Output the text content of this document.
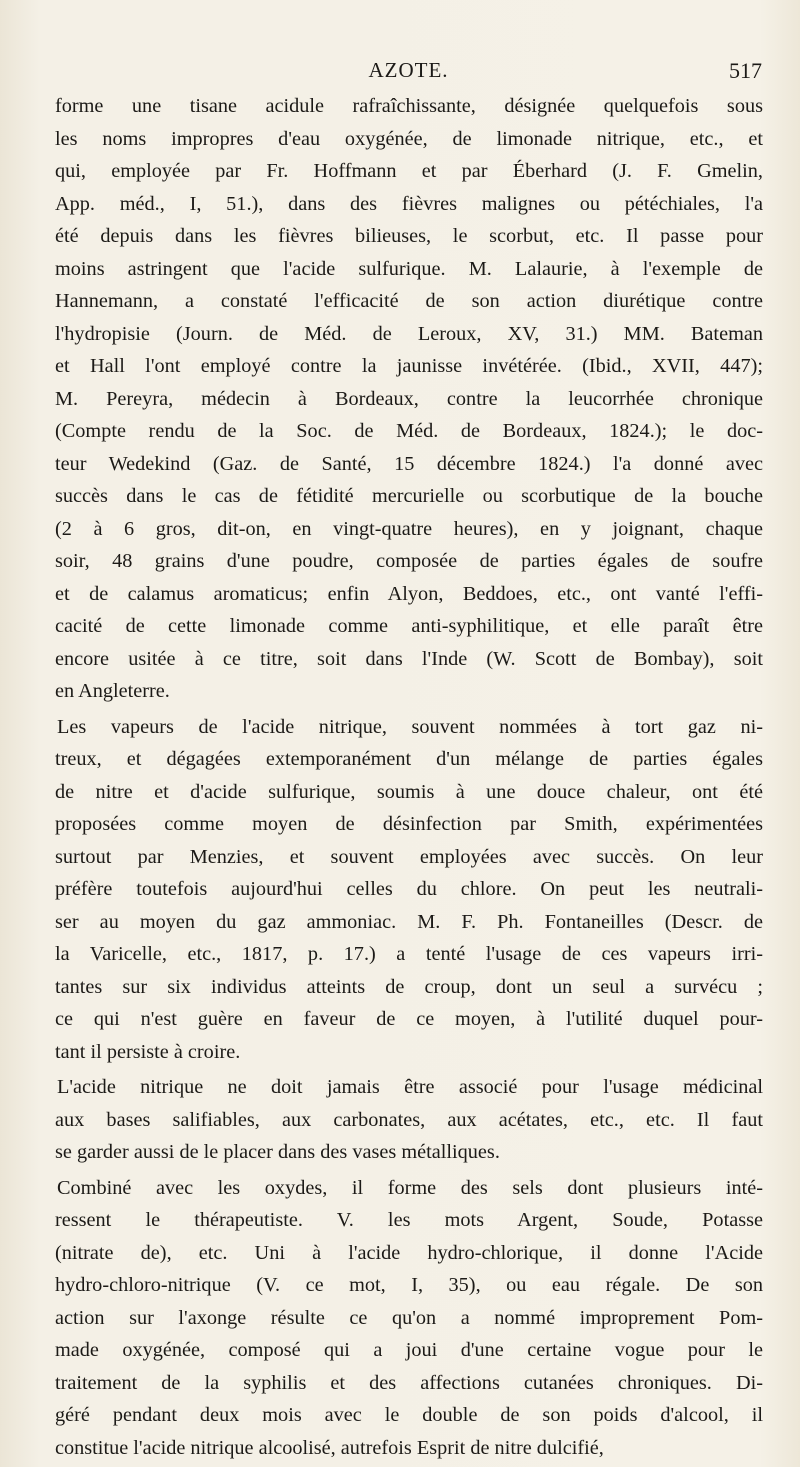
AZOTE.	517
forme une tisane acidule rafraîchissante, désignée quelquefois sous
les noms impropres d'eau oxygénée, de limonade nitrique, etc., et
qui, employée par Fr. Hoffmann et par Éberhard (J. F. Gmelin,
App. méd., I, 51.), dans des fièvres malignes ou pétéchiales, l'a
été depuis dans les fièvres bilieuses, le scorbut, etc. Il passe pour
moins astringent que l'acide sulfurique. M. Lalaurie, à l'exemple de
Hannemann, a constaté l'efficacité de son action diurétique contre
l'hydropisie (Journ. de Méd. de Leroux, XV, 31.) MM. Bateman
et Hall l'ont employé contre la jaunisse invétérée. (Ibid., XVII, 447);
M. Pereyra, médecin à Bordeaux, contre la leucorrhée chronique
(Compte rendu de la Soc. de Méd. de Bordeaux, 1824.); le doc-
teur Wedekind (Gaz. de Santé, 15 décembre 1824.) l'a donné avec
succès dans le cas de fétidité mercurielle ou scorbutique de la bouche
(2 à 6 gros, dit-on, en vingt-quatre heures), en y joignant, chaque
soir, 48 grains d'une poudre, composée de parties égales de soufre
et de calamus aromaticus; enfin Alyon, Beddoes, etc., ont vanté l'effi-
cacité de cette limonade comme anti-syphilitique, et elle paraît être
encore usitée à ce titre, soit dans l'Inde (W. Scott de Bombay), soit
en Angleterre.
Les vapeurs de l'acide nitrique, souvent nommées à tort gaz ni-
treux, et dégagées extemporanément d'un mélange de parties égales
de nitre et d'acide sulfurique, soumis à une douce chaleur, ont été
proposées comme moyen de désinfection par Smith, expérimentées
surtout par Menzies, et souvent employées avec succès. On leur
préfère toutefois aujourd'hui celles du chlore. On peut les neutrali-
ser au moyen du gaz ammoniac. M. F. Ph. Fontaneilles (Descr. de
la Varicelle, etc., 1817, p. 17.) a tenté l'usage de ces vapeurs irri-
tantes sur six individus atteints de croup, dont un seul a survécu ;
ce qui n'est guère en faveur de ce moyen, à l'utilité duquel pour-
tant il persiste à croire.
L'acide nitrique ne doit jamais être associé pour l'usage médicinal
aux bases salifiables, aux carbonates, aux acétates, etc., etc. Il faut
se garder aussi de le placer dans des vases métalliques.
Combiné avec les oxydes, il forme des sels dont plusieurs inté-
ressent le thérapeutiste. V. les mots Argent, Soude, Potasse
(nitrate de), etc. Uni à l'acide hydro-chlorique, il donne l'Acide
hydro-chloro-nitrique (V. ce mot, I, 35), ou eau régale. De son
action sur l'axonge résulte ce qu'on a nommé improprement Pom-
made oxygénée, composé qui a joui d'une certaine vogue pour le
traitement de la syphilis et des affections cutanées chroniques. Di-
géré pendant deux mois avec le double de son poids d'alcool, il
constitue l'acide nitrique alcoolisé, autrefois Esprit de nitre dulcifié,
